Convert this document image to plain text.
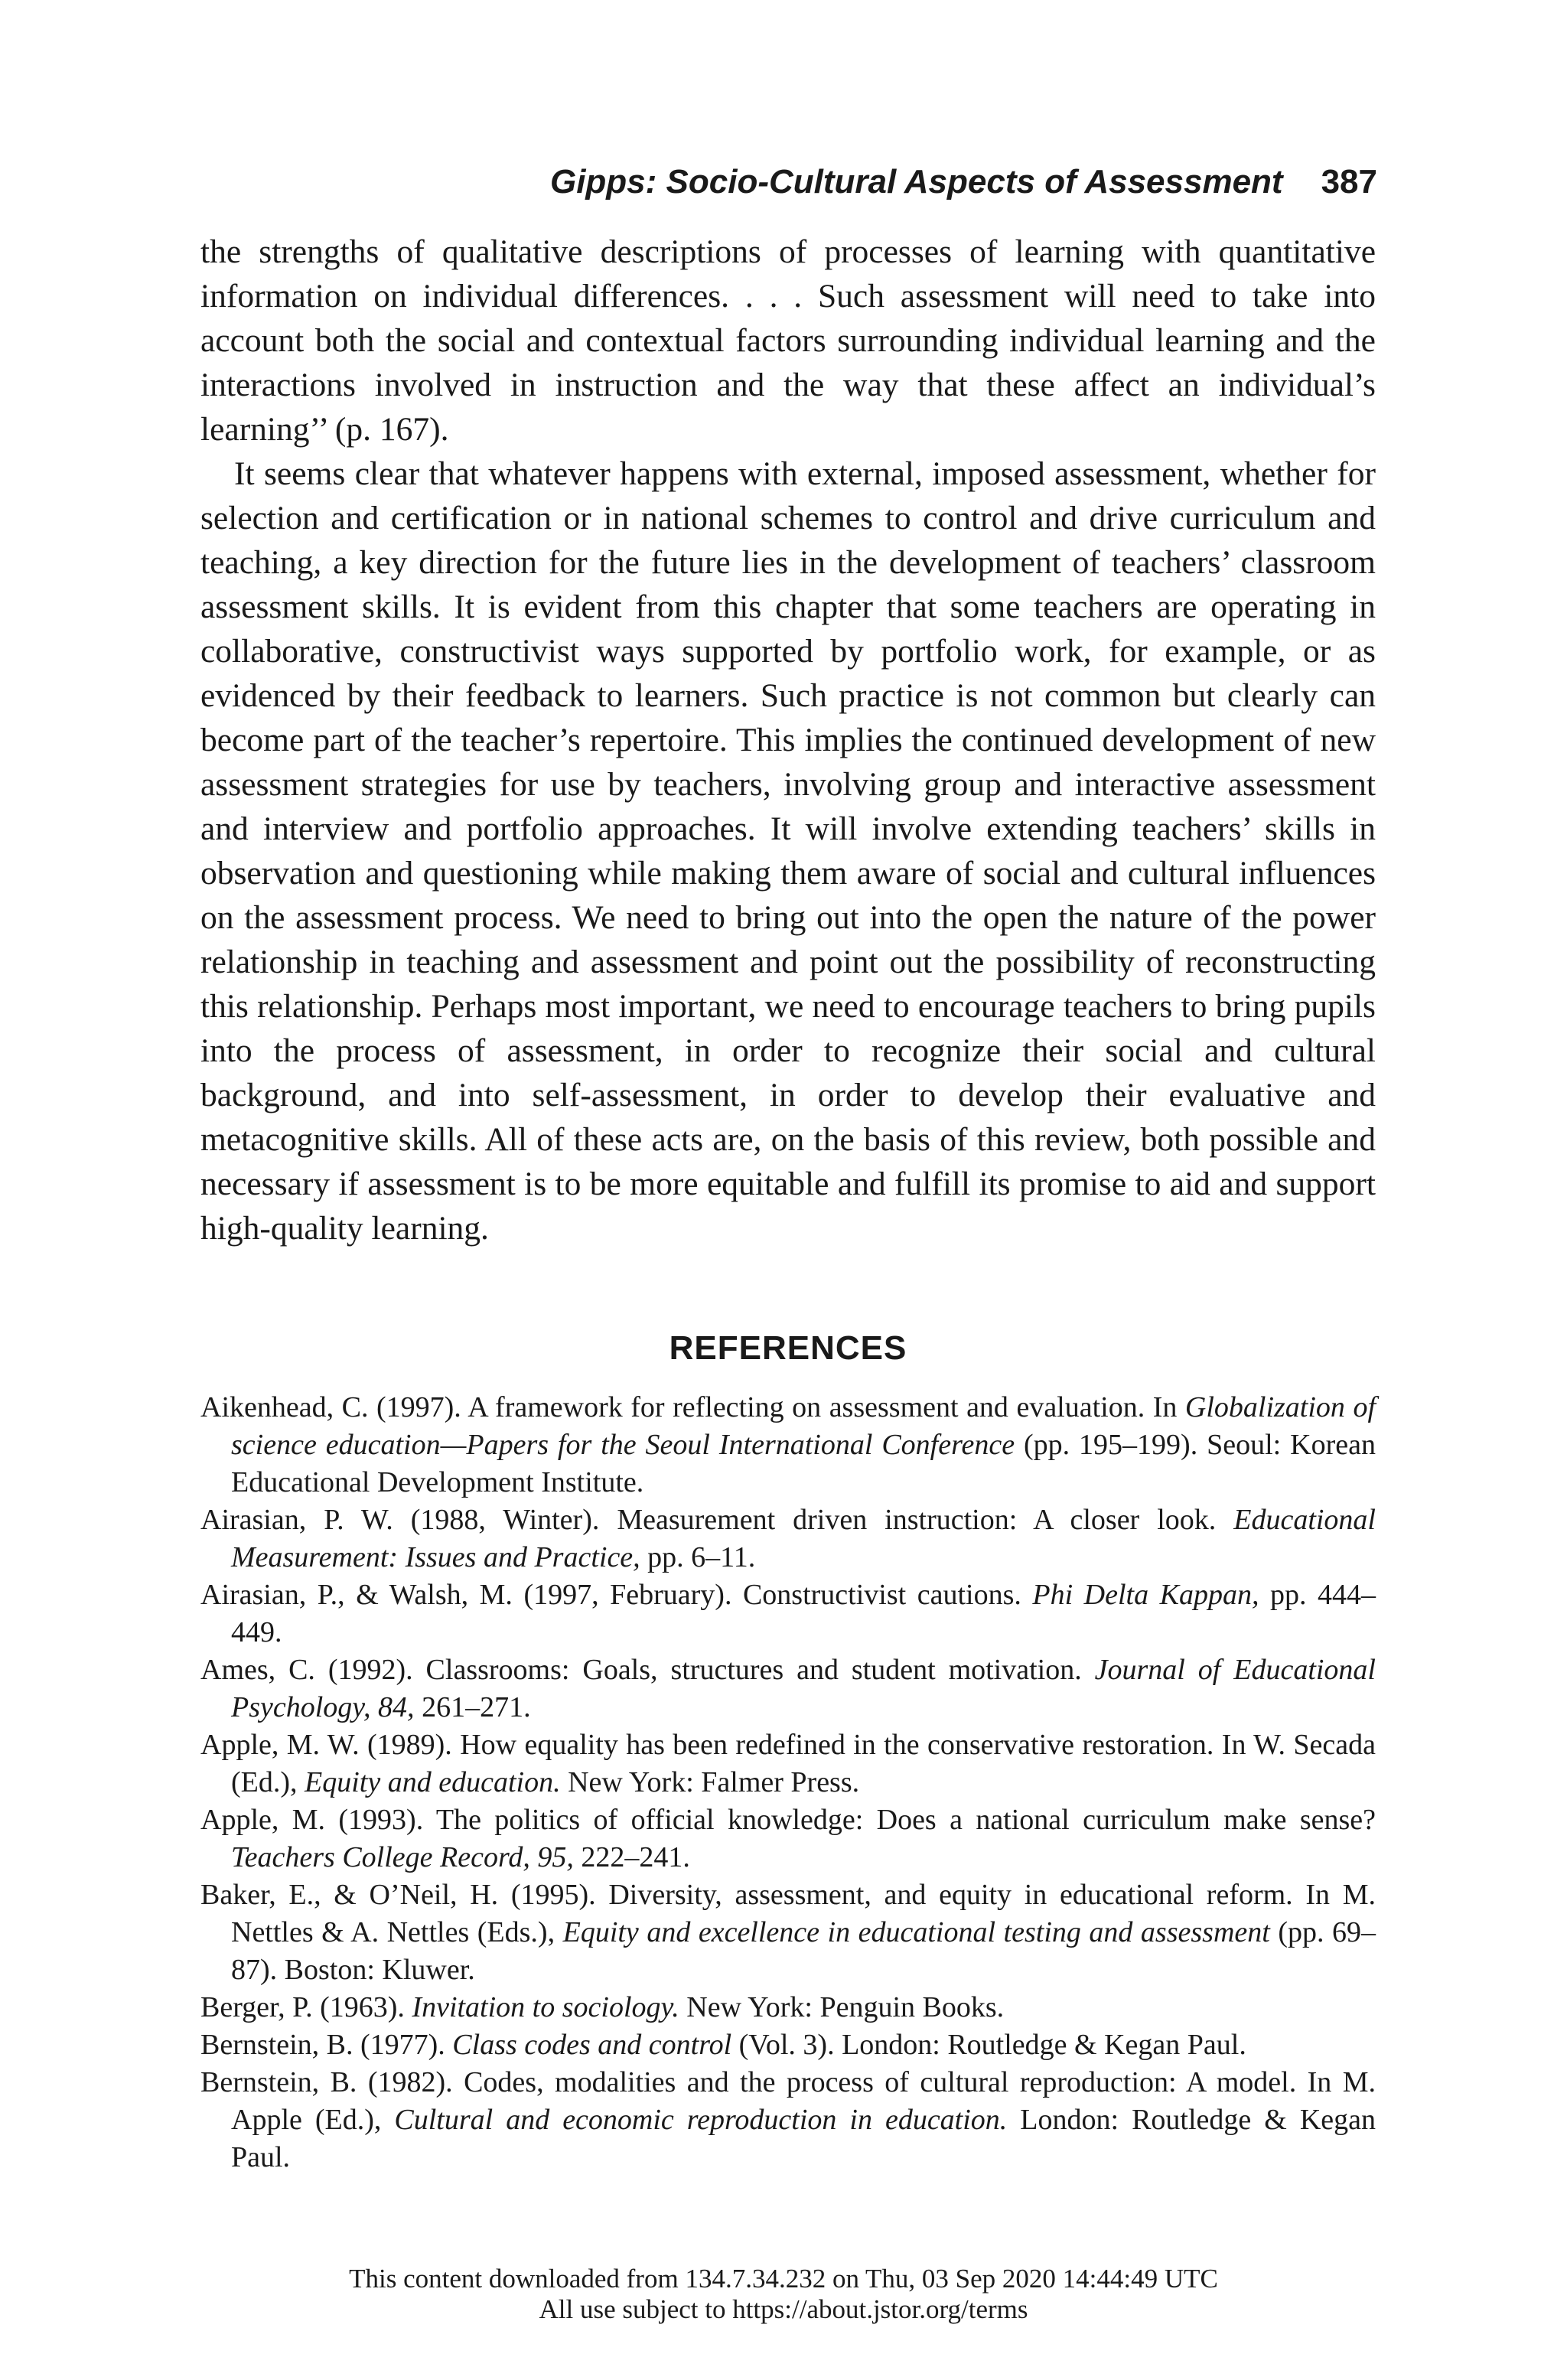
Gipps: Socio-Cultural Aspects of Assessment 387

the strengths of qualitative descriptions of processes of learning with quantitative information on individual differences. . . . Such assessment will need to take into account both the social and contextual factors surrounding individual learning and the interactions involved in instruction and the way that these affect an individual’s learning’’ (p. 167).

It seems clear that whatever happens with external, imposed assessment, whether for selection and certification or in national schemes to control and drive curriculum and teaching, a key direction for the future lies in the development of teachers’ classroom assessment skills. It is evident from this chapter that some teachers are operating in collaborative, constructivist ways supported by portfolio work, for example, or as evidenced by their feedback to learners. Such practice is not common but clearly can become part of the teacher’s repertoire. This implies the continued development of new assessment strategies for use by teachers, involving group and interactive assessment and interview and portfolio approaches. It will involve extending teachers’ skills in observation and questioning while making them aware of social and cultural influences on the assessment process. We need to bring out into the open the nature of the power relationship in teaching and assessment and point out the possibility of reconstructing this relationship. Perhaps most important, we need to encourage teachers to bring pupils into the process of assessment, in order to recognize their social and cultural background, and into self-assessment, in order to develop their evaluative and metacognitive skills. All of these acts are, on the basis of this review, both possible and necessary if assessment is to be more equitable and fulfill its promise to aid and support high-quality learning.

REFERENCES
Aikenhead, C. (1997). A framework for reflecting on assessment and evaluation. In Globalization of science education—Papers for the Seoul International Conference (pp. 195–199). Seoul: Korean Educational Development Institute.
Airasian, P. W. (1988, Winter). Measurement driven instruction: A closer look. Educational Measurement: Issues and Practice, pp. 6–11.
Airasian, P., & Walsh, M. (1997, February). Constructivist cautions. Phi Delta Kappan, pp. 444–449.
Ames, C. (1992). Classrooms: Goals, structures and student motivation. Journal of Educational Psychology, 84, 261–271.
Apple, M. W. (1989). How equality has been redefined in the conservative restoration. In W. Secada (Ed.), Equity and education. New York: Falmer Press.
Apple, M. (1993). The politics of official knowledge: Does a national curriculum make sense? Teachers College Record, 95, 222–241.
Baker, E., & O’Neil, H. (1995). Diversity, assessment, and equity in educational reform. In M. Nettles & A. Nettles (Eds.), Equity and excellence in educational testing and assessment (pp. 69–87). Boston: Kluwer.
Berger, P. (1963). Invitation to sociology. New York: Penguin Books.
Bernstein, B. (1977). Class codes and control (Vol. 3). London: Routledge & Kegan Paul.
Bernstein, B. (1982). Codes, modalities and the process of cultural reproduction: A model. In M. Apple (Ed.), Cultural and economic reproduction in education. London: Routledge & Kegan Paul.
This content downloaded from 134.7.34.232 on Thu, 03 Sep 2020 14:44:49 UTC
All use subject to https://about.jstor.org/terms
